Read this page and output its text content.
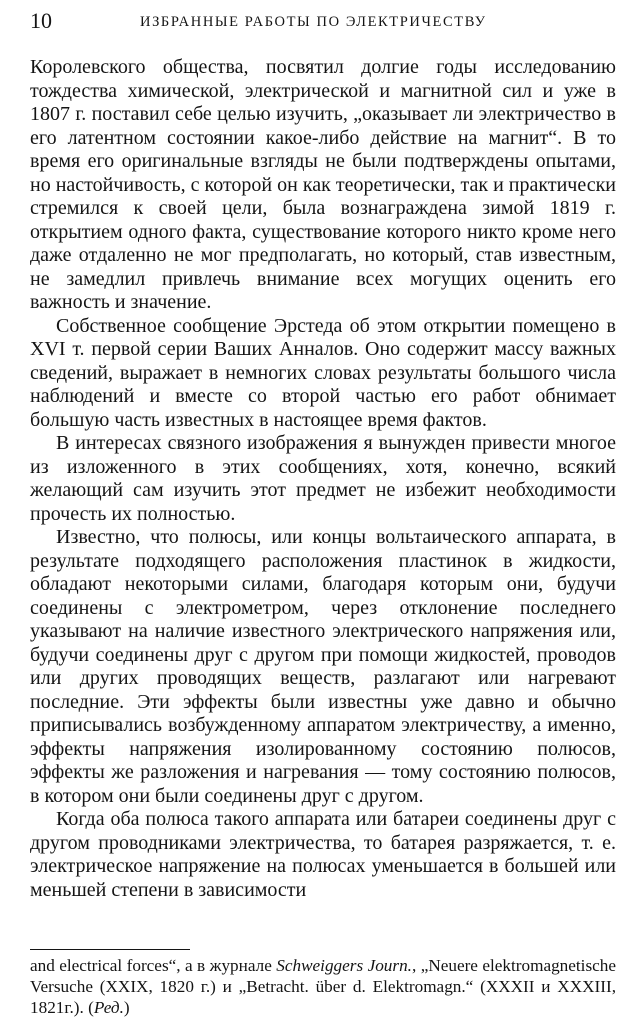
10	ИЗБРАННЫЕ РАБОТЫ ПО ЭЛЕКТРИЧЕСТВУ

Королевского общества, посвятил долгие годы исследованию тождества химической, электрической и магнитной сил и уже в 1807 г. поставил себе целью изучить, „оказывает ли электричество в его латентном состоянии какое-либо действие на магнит“. В то время его оригинальные взгляды не были подтверждены опытами, но настойчивость, с которой он как теоретически, так и практически стремился к своей цели, была вознаграждена зимой 1819 г. открытием одного факта, существование которого никто кроме него даже отдаленно не мог предполагать, но который, став известным, не замедлил привлечь внимание всех могущих оценить его важность и значение.

Собственное сообщение Эрстеда об этом открытии помещено в XVI т. первой серии Ваших Анналов. Оно содержит массу важных сведений, выражает в немногих словах результаты большого числа наблюдений и вместе со второй частью его работ обнимает большую часть известных в настоящее время фактов.

В интересах связного изображения я вынужден привести многое из изложенного в этих сообщениях, хотя, конечно, всякий желающий сам изучить этот предмет не избежит необходимости прочесть их полностью.

Известно, что полюсы, или концы вольтаического аппарата, в результате подходящего расположения пластинок в жидкости, обладают некоторыми силами, благодаря которым они, будучи соединены с электрометром, через отклонение последнего указывают на наличие известного электрического напряжения или, будучи соединены друг с другом при помощи жидкостей, проводов или других проводящих веществ, разлагают или нагревают последние. Эти эффекты были известны уже давно и обычно приписывались возбужденному аппаратом электричеству, а именно, эффекты напряжения изолированному состоянию полюсов, эффекты же разложения и нагревания — тому состоянию полюсов, в котором они были соединены друг с другом.

Когда оба полюса такого аппарата или батареи соединены друг с другом проводниками электричества, то батарея разряжается, т. е. электрическое напряжение на полюсах уменьшается в большей или меньшей степени в зависимости

and electrical forces“, а в журнале Schweiggers Journ., „Neuere elektromagnetische Versuche (XXIX, 1820 г.) и „Betracht. über d. Elektromagn.“ (XXXII и XXXIII, 1821г.). (Ред.)
